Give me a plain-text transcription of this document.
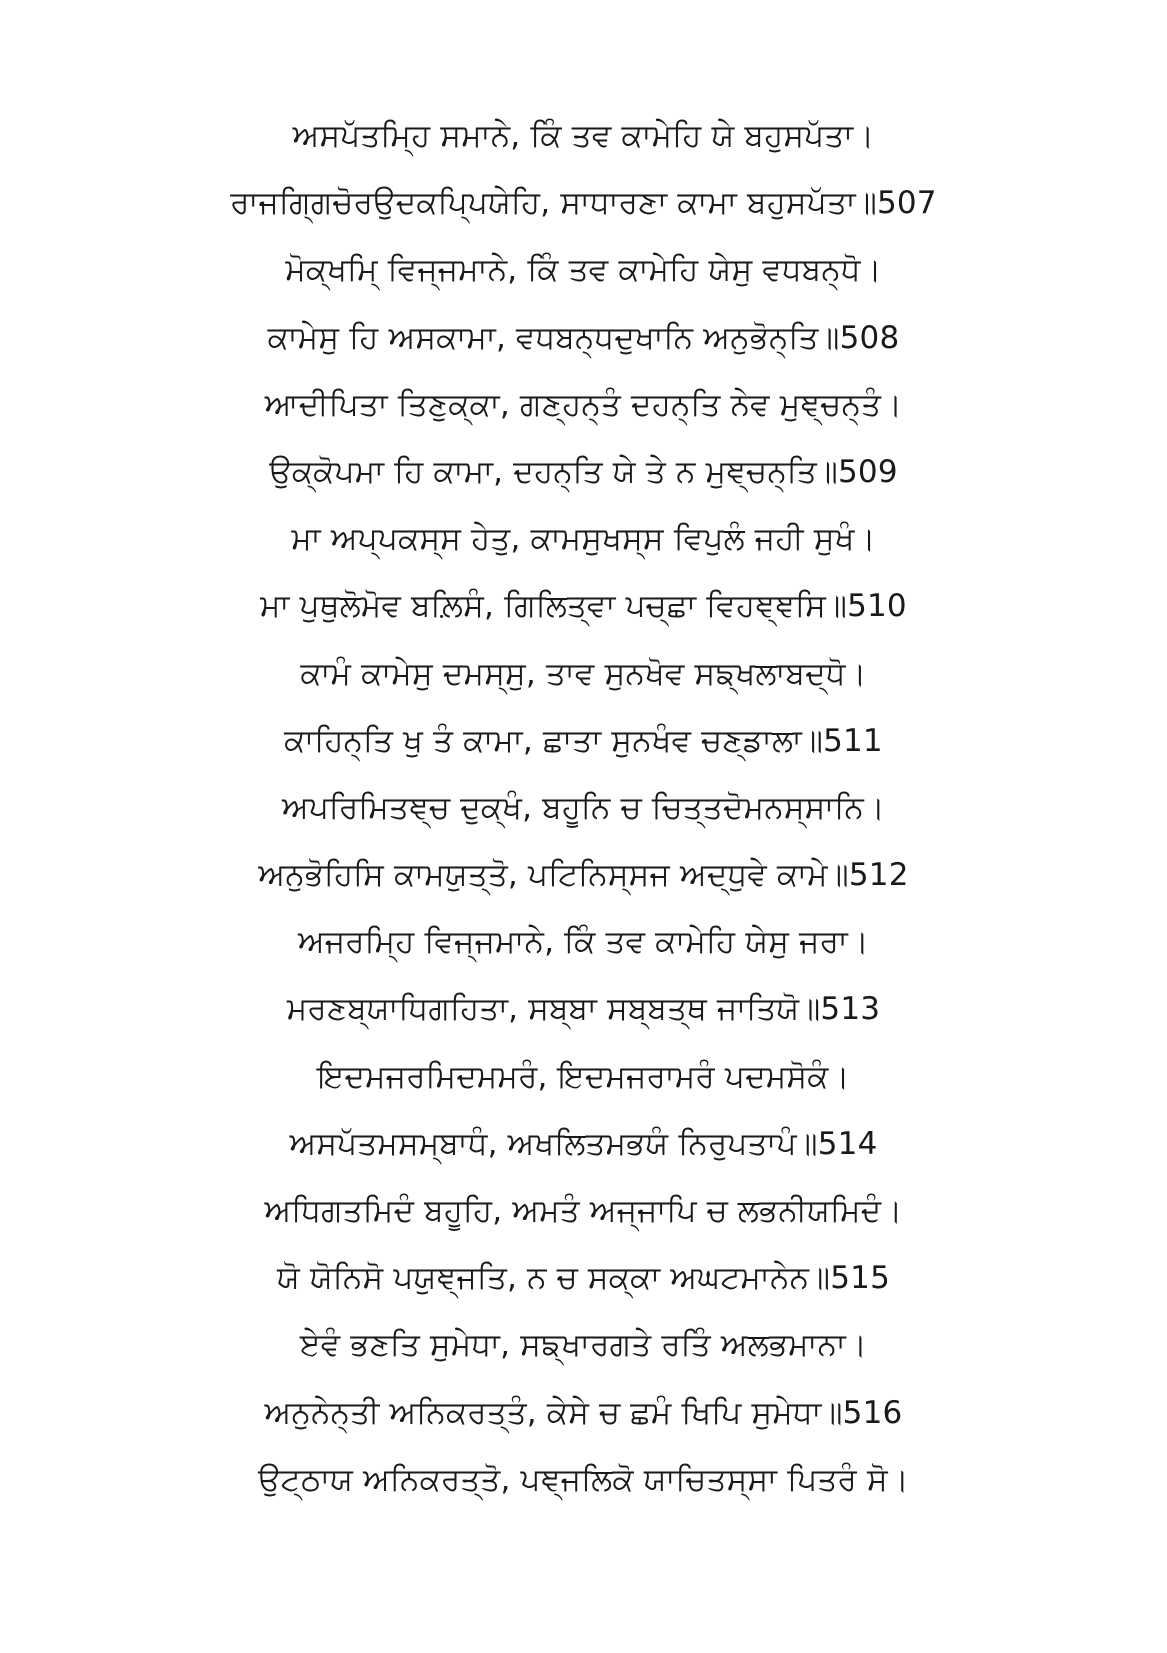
ਅਸਪੱਤਮਿ੍ਹ ਸਮਾਨੇ, ਕਿੰ ਤਵ ਕਾਮੇਹਿ ਯੇ ਬਹੁਸਪੱਤਾ।
ਰਾਜਗਿ੍ਗਚੋਰਉਦਕਪਿ੍ਪਯੇਹਿ, ਸਾਧਾਰਣਾ ਕਾਮਾ ਬਹੁਸਪੱਤਾ॥507
ਮੋਕ੍ਖਮਿ੍ ਵਿਜ੍ਜਮਾਨੇ, ਕਿੰ ਤਵ ਕਾਮੇਹਿ ਯੇਸੁ ਵਧਬਨ੍ਧੋ।
ਕਾਮੇਸੁ ਹਿ ਅਸਕਾਮਾ, ਵਧਬਨ੍ਧਦੁਖਾਨਿ ਅਨੁਭੋਨ੍ਤਿ॥508
ਆਦੀਪਿਤਾ ਤਿਣੁਕ੍ਕਾ, ਗਣ੍ਹਨ੍ਤੰ ਦਹਨ੍ਤਿ ਨੇਵ ਮੁਞ੍ਚਨ੍ਤੰ।
ਉਕ੍ਕੋਪਮਾ ਹਿ ਕਾਮਾ, ਦਹਨ੍ਤਿ ਯੇ ਤੇ ਨ ਮੁਞ੍ਚਨ੍ਤਿ॥509
ਮਾ ਅਪ੍ਪਕਸ੍ਸ ਹੇਤੁ, ਕਾਮਸੁਖਸ੍ਸ ਵਿਪੁਲੰ ਜਹੀ ਸੁਖੰ।
ਮਾ ਪੁਥੁਲੋਮੋਵ ਬਲ਼ਿਸੰ, ਗਿਲਿਤ੍ਵਾ ਪਚ੍ਛਾ ਵਿਹਞ੍ਞਸਿ॥510
ਕਾਮੰ ਕਾਮੇਸੁ ਦਮਸ੍ਸੁ, ਤਾਵ ਸੁਨਖੋਵ ਸਙ੍ਖਲਾਬਦ੍ਧੋ।
ਕਾਹਿਨ੍ਤਿ ਖੁ ਤੰ ਕਾਮਾ, ਛਾਤਾ ਸੁਨਖੰਵ ਚਣ੍ਡਾਲਾ॥511
ਅਪਰਿਮਿਤਞ੍ਚ ਦੁਕ੍ਖੰ, ਬਹੂਨਿ ਚ ਚਿਤ੍ਤਦੋਮਨਸ੍ਸਾਨਿ।
ਅਨੁਭੋਹਿਸਿ ਕਾਮਯੁਤ੍ਤੋ, ਪਟਿਨਿਸ੍ਸਜ ਅਦ੍ਧੁਵੇ ਕਾਮੇ॥512
ਅਜਰਮਿ੍ਹ ਵਿਜ੍ਜਮਾਨੇ, ਕਿੰ ਤਵ ਕਾਮੇਹਿ ਯੇਸੁ ਜਰਾ।
ਮਰਣਬ੍ਯਾਧਿਗਹਿਤਾ, ਸਬ੍ਬਾ ਸਬ੍ਬਤ੍ਥ ਜਾਤਿਯੋ॥513
ਇਦਮਜਰਮਿਦਮਮਰੰ, ਇਦਮਜਰਾਮਰੰ ਪਦਮਸੋਕੰ।
ਅਸਪੱਤਮਸਮ੍ਬਾਧੰ, ਅਖਲਿਤਮਭਯੰ ਨਿਰੁਪਤਾਪੰ॥514
ਅਧਿਗਤਮਿਦੰ ਬਹੂਹਿ, ਅਮਤੰ ਅਜ੍ਜਾਪਿ ਚ ਲਭਨੀਯਮਿਦੰ।
ਯੋ ਯੋਨਿਸੋ ਪਯੁਞ੍ਜਤਿ, ਨ ਚ ਸਕ੍ਕਾ ਅਘਟਮਾਨੇਨ॥515
ਏਵੰ ਭਣਤਿ ਸੁਮੇਧਾ, ਸਙ੍ਖਾਰਗਤੇ ਰਤਿੰ ਅਲਭਮਾਨਾ।
ਅਨੁਨੇਨ੍ਤੀ ਅਨਿਕਰਤ੍ਤੰ, ਕੇਸੇ ਚ ਛਮੰ ਖਿਪਿ ਸੁਮੇਧਾ॥516
ਉਟ੍ਠਾਯ ਅਨਿਕਰਤ੍ਤੋ, ਪਞ੍ਜਲਿਕੋ ਯਾਚਿਤਸ੍ਸਾ ਪਿਤਰੰ ਸੋ।
